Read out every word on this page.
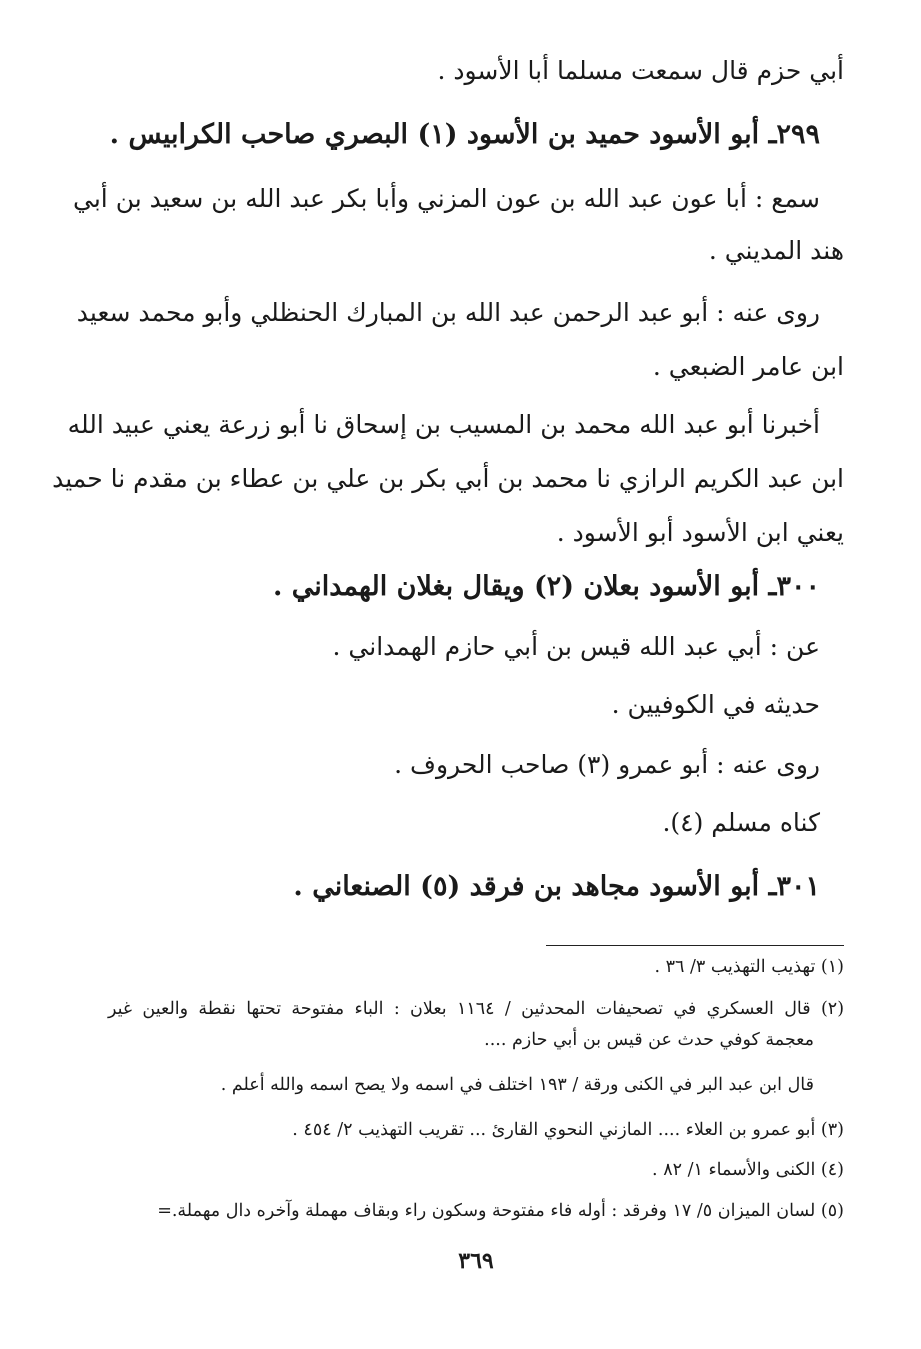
أبي حزم قال سمعت مسلما أبا الأسود .
٢٩٩ـ أبو الأسود حميد بن الأسود (١) البصري صاحب الكرابيس .
سمع : أبا عون عبد الله بن عون المزني وأبا بكر عبد الله بن سعيد بن أبي
هند المديني .
روى عنه : أبو عبد الرحمن عبد الله بن المبارك الحنظلي وأبو محمد سعيد
ابن عامر الضبعي .
أخبرنا أبو عبد الله محمد بن المسيب بن إسحاق نا أبو زرعة يعني عبيد الله
ابن عبد الكريم الرازي نا محمد بن أبي بكر بن علي بن عطاء بن مقدم نا حميد
يعني ابن الأسود أبو الأسود .
٣٠٠ـ أبو الأسود بعلان (٢) ويقال بغلان الهمداني .
عن : أبي عبد الله قيس بن أبي حازم الهمداني .
حديثه في الكوفيين .
روى عنه : أبو عمرو (٣) صاحب الحروف .
كناه مسلم (٤).
٣٠١ـ أبو الأسود مجاهد بن فرقد (٥) الصنعاني .
(١) تهذيب التهذيب ٣/ ٣٦ .
(٢) قال العسكري في تصحيفات المحدثين / ١١٦٤ بعلان : الباء مفتوحة تحتها نقطة والعين غير
معجمة كوفي حدث عن قيس بن أبي حازم ....
قال ابن عبد البر في الكنى ورقة / ١٩٣ اختلف في اسمه ولا يصح اسمه والله أعلم .
(٣) أبو عمرو بن العلاء .... المازني النحوي القارئ ... تقريب التهذيب ٢/ ٤٥٤ .
(٤) الكنى والأسماء ١/ ٨٢ .
(٥) لسان الميزان ٥/ ١٧ وفرقد : أوله فاء مفتوحة وسكون راء وبقاف مهملة وآخره دال مهملة.=
٣٦٩
